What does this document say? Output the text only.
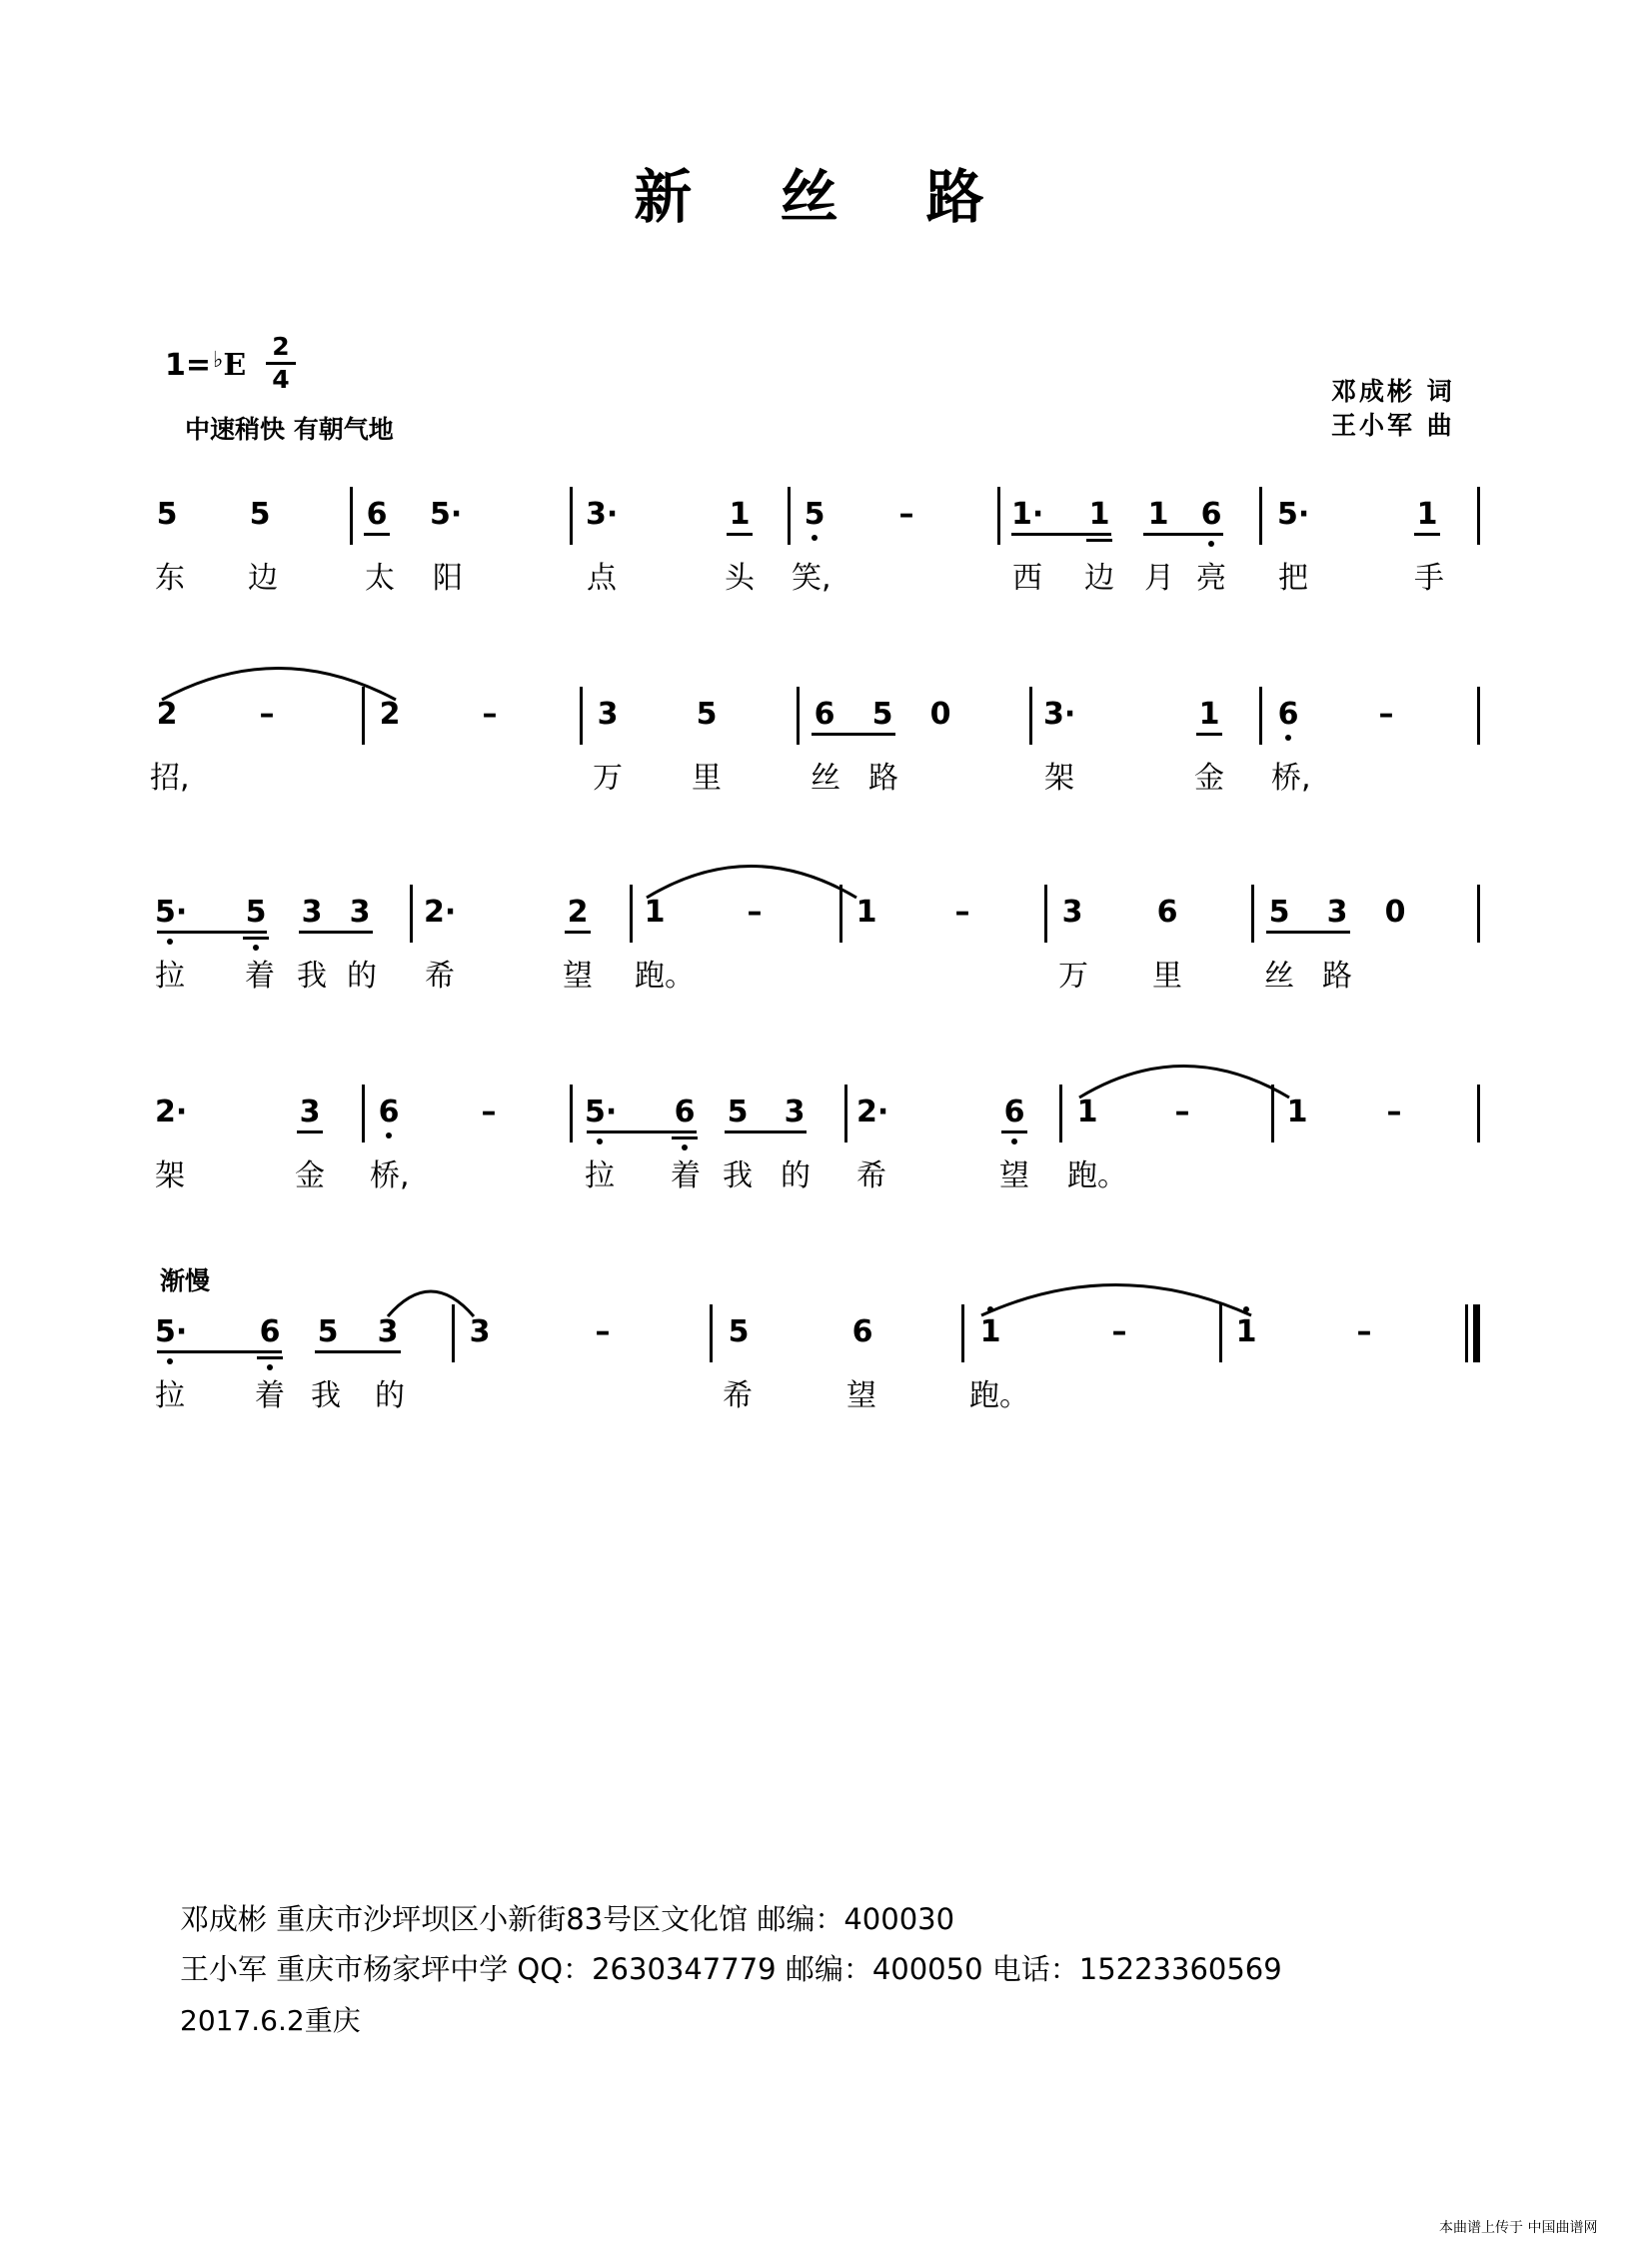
新 丝 路
1=♭E
2
4
中速稍快 有朝气地
邓成彬 词
王小军 曲
5 5	6 5·	3·	1 5 –	1· 1 1 6 5·	1
东 边	太 阳	点	头 笑,	西 边 月 亮 把	手
2	–	2	–	3	5	6 5 0	3·	1 6	–
招,	万 里	丝 路	架	金 桥,
5· 5 3 3 2·	2 1	–	1	–	3 6	5 3 0
拉 着 我 的 希	望 跑。	万 里	丝 路
2·	3 6	–	5· 6 5 3 2·	6 1	–	1	–
架	金 桥,	拉 着 我 的 希	望 跑。
渐慢
5· 6 5 3 3	–	5	6	1	–	1	–
拉 着 我 的	希	望	跑。
邓成彬 重庆市沙坪坝区小新街83号区文化馆 邮编：400030
王小军 重庆市杨家坪中学 QQ：2630347779 邮编：400050 电话：15223360569
2017.6.2重庆
本曲谱上传于 中国曲谱网
